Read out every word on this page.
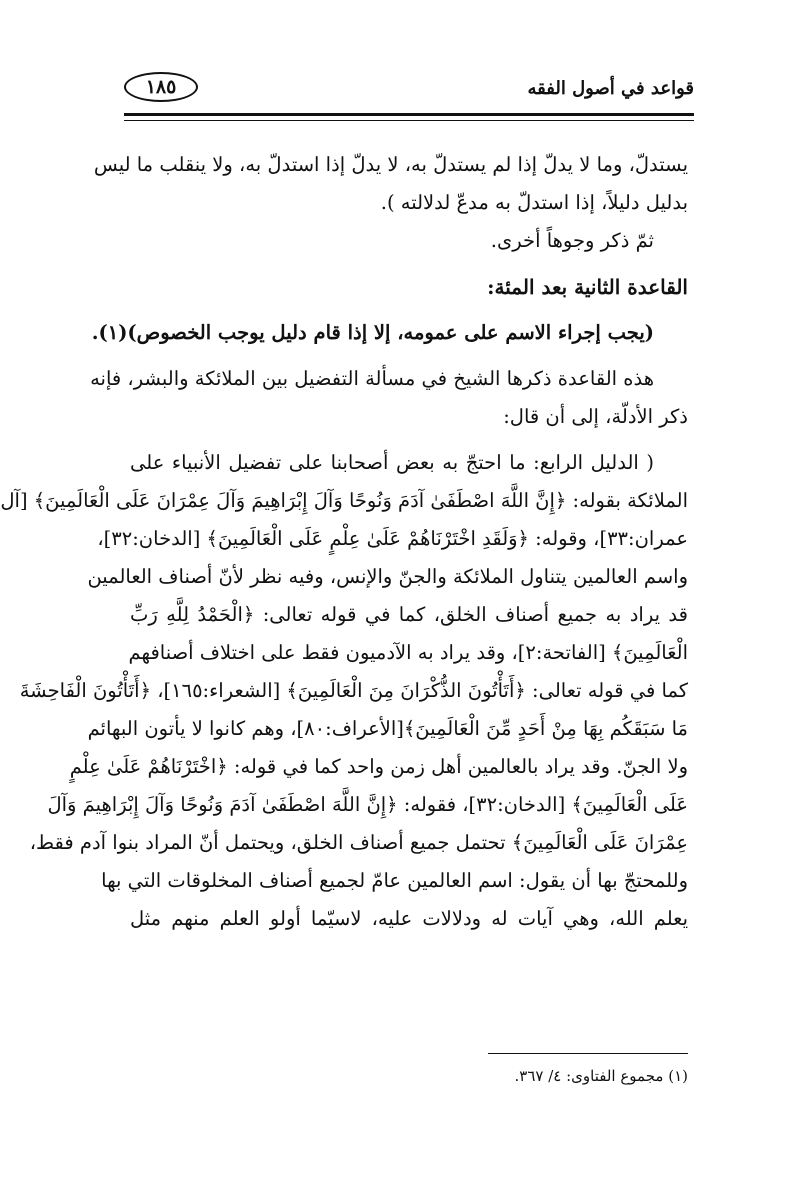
قواعد في أصول الفقه
١٨٥
يستدلّ، وما لا يدلّ إذا لم يستدلّ به، لا يدلّ إذا استدلّ به، ولا ينقلب ما ليس
بدليل دليلاً، إذا استدلّ به مدعّ لدلالته ).
ثمّ ذكر وجوهاً أخرى.
القاعدة الثانية بعد المئة:
(يجب إجراء الاسم على عمومه، إلا إذا قام دليل يوجب الخصوص)(١).
هذه القاعدة ذكرها الشيخ في مسألة التفضيل بين الملائكة والبشر، فإنه
ذكر الأدلّة، إلى أن قال:
( الدليل الرابع: ما احتجّ به بعض أصحابنا على تفضيل الأنبياء على
الملائكة بقوله: ﴿إِنَّ اللَّهَ اصْطَفَىٰ آدَمَ وَنُوحًا وَآلَ إِبْرَاهِيمَ وَآلَ عِمْرَانَ عَلَى الْعَالَمِينَ﴾ [آل
عمران:٣٣]، وقوله: ﴿وَلَقَدِ اخْتَرْنَاهُمْ عَلَىٰ عِلْمٍ عَلَى الْعَالَمِينَ﴾ [الدخان:٣٢]،
واسم العالمين يتناول الملائكة والجنّ والإنس، وفيه نظر لأنّ أصناف العالمين
قد يراد به جميع أصناف الخلق، كما في قوله تعالى: ﴿الْحَمْدُ لِلَّهِ رَبِّ
الْعَالَمِينَ﴾ [الفاتحة:٢]، وقد يراد به الآدميون فقط على اختلاف أصنافهم
كما في قوله تعالى: ﴿أَتَأْتُونَ الذُّكْرَانَ مِنَ الْعَالَمِينَ﴾ [الشعراء:١٦٥]، ﴿أَتَأْتُونَ الْفَاحِشَةَ
مَا سَبَقَكُم بِهَا مِنْ أَحَدٍ مِّنَ الْعَالَمِينَ﴾[الأعراف:٨٠]، وهم كانوا لا يأتون البهائم
ولا الجنّ. وقد يراد بالعالمين أهل زمن واحد كما في قوله: ﴿اخْتَرْنَاهُمْ عَلَىٰ عِلْمٍ
عَلَى الْعَالَمِينَ﴾ [الدخان:٣٢]، فقوله: ﴿إِنَّ اللَّهَ اصْطَفَىٰ آدَمَ وَنُوحًا وَآلَ إِبْرَاهِيمَ وَآلَ
عِمْرَانَ عَلَى الْعَالَمِينَ﴾ تحتمل جميع أصناف الخلق، ويحتمل أنّ المراد بنوا آدم فقط،
وللمحتجّ بها أن يقول: اسم العالمين عامّ لجميع أصناف المخلوقات التي بها
يعلم الله، وهي آيات له ودلالات عليه، لاسيّما أولو العلم منهم مثل
(١) مجموع الفتاوى: ٤/ ٣٦٧.
